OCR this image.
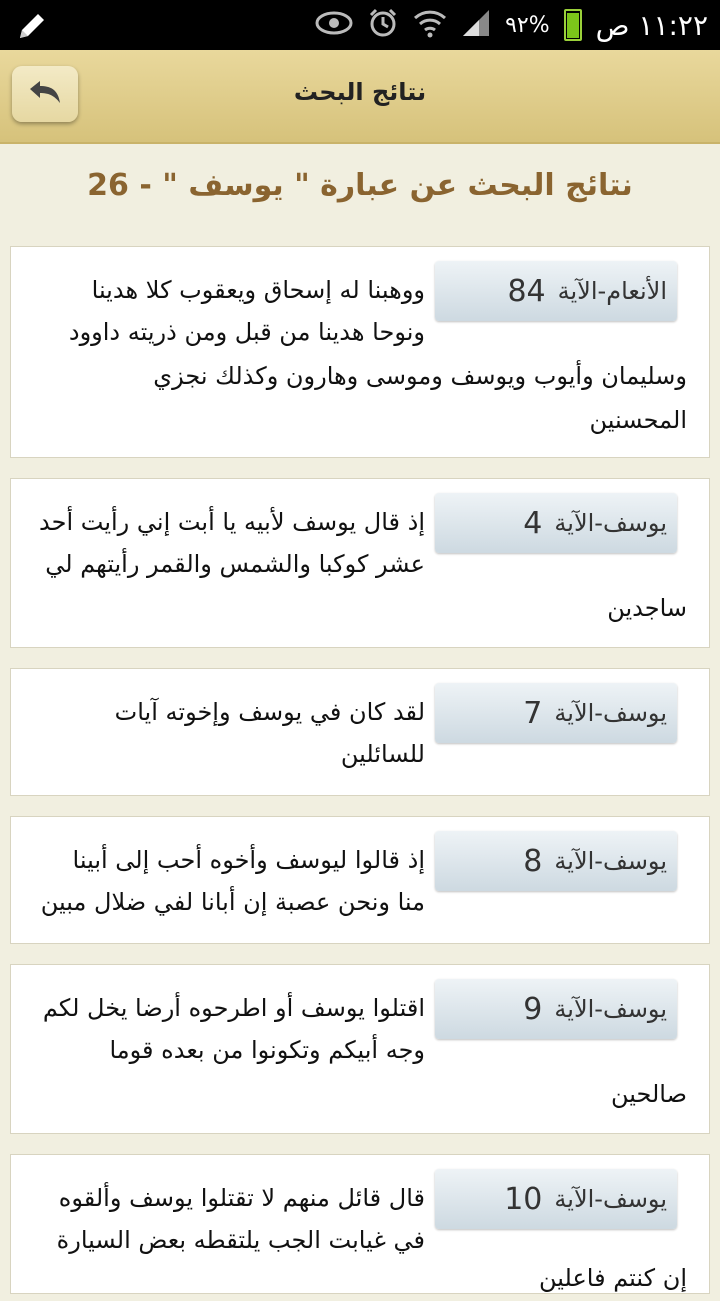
٩٢% ١١:٢٢ ص
نتائج البحث
نتائج البحث عن عبارة " يوسف " - 26
الأنعام
-
الآية
84
ووهبنا له إسحاق ويعقوب كلا هدينا
ونوحا هدينا من قبل ومن ذريته داوود
وسليمان وأيوب ويوسف وموسى وهارون وكذلك نجزي
المحسنين
يوسف
-
الآية
4
إذ قال يوسف لأبيه يا أبت إني رأيت أحد
عشر كوكبا والشمس والقمر رأيتهم لي
ساجدين
يوسف
-
الآية
7
لقد كان في يوسف وإخوته آيات
للسائلين
يوسف
-
الآية
8
إذ قالوا ليوسف وأخوه أحب إلى أبينا
منا ونحن عصبة إن أبانا لفي ضلال مبين
يوسف
-
الآية
9
اقتلوا يوسف أو اطرحوه أرضا يخل لكم
وجه أبيكم وتكونوا من بعده قوما
صالحين
يوسف
-
الآية
10
قال قائل منهم لا تقتلوا يوسف وألقوه
في غيابت الجب يلتقطه بعض السيارة
إن كنتم فاعلين
